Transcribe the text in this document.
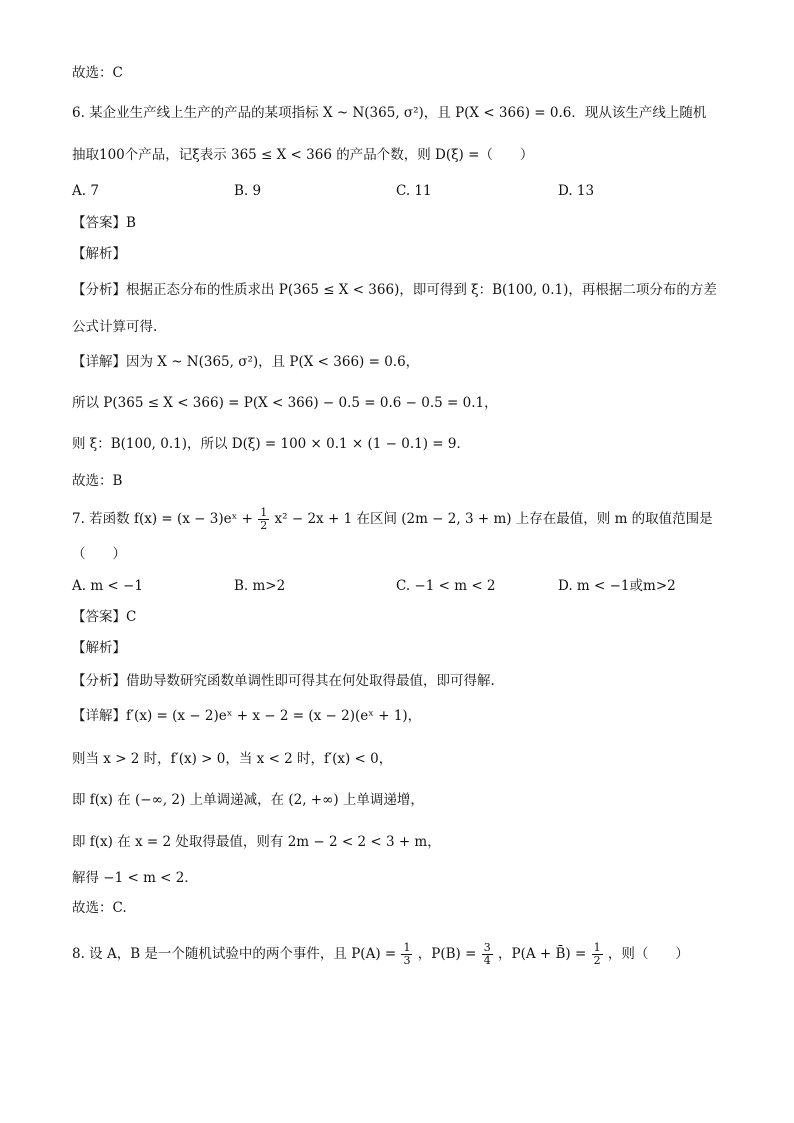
故选：C
6. 某企业生产线上生产的产品的某项指标 X ~ N(365, σ²)，且 P(X < 366) = 0.6．现从该生产线上随机
抽取100个产品，记ξ表示 365 ≤ X < 366 的产品个数，则 D(ξ) =（　　）
A. 7	B. 9	C. 11	D. 13
【答案】B
【解析】
【分析】根据正态分布的性质求出 P(365 ≤ X < 366)，即可得到 ξ：B(100, 0.1)，再根据二项分布的方差
公式计算可得.
【详解】因为 X ~ N(365, σ²)，且 P(X < 366) = 0.6，
所以 P(365 ≤ X < 366) = P(X < 366) − 0.5 = 0.6 − 0.5 = 0.1，
则 ξ：B(100, 0.1)，所以 D(ξ) = 100 × 0.1 × (1 − 0.1) = 9．
故选：B
7. 若函数 f(x) = (x − 3)eˣ + $\frac{1}{2} x^2 - 2x + 1$ 在区间 (2m − 2, 3 + m) 上存在最值，则 m 的取值范围是
（　　）
A. m < −1	B. m>2	C. −1 < m < 2	D. m < −1或m>2
【答案】C
【解析】
【分析】借助导数研究函数单调性即可得其在何处取得最值，即可得解.
【详解】f′(x) = (x − 2)eˣ + x − 2 = (x − 2)(eˣ + 1)，
则当 x > 2 时，f′(x) > 0，当 x < 2 时，f′(x) < 0，
即 f(x) 在 (−∞, 2) 上单调递减，在 (2, +∞) 上单调递增，
即 f(x) 在 x = 2 处取得最值，则有 2m − 2 < 2 < 3 + m，
解得 −1 < m < 2．
故选：C.
8. 设 A，B 是一个随机试验中的两个事件，且 $P(A) = \frac{1}{3}$ ，$P(B) = \frac{3}{4}$ ，P(A + B̄) = $\frac{1}{2}$ ，则（　　）
